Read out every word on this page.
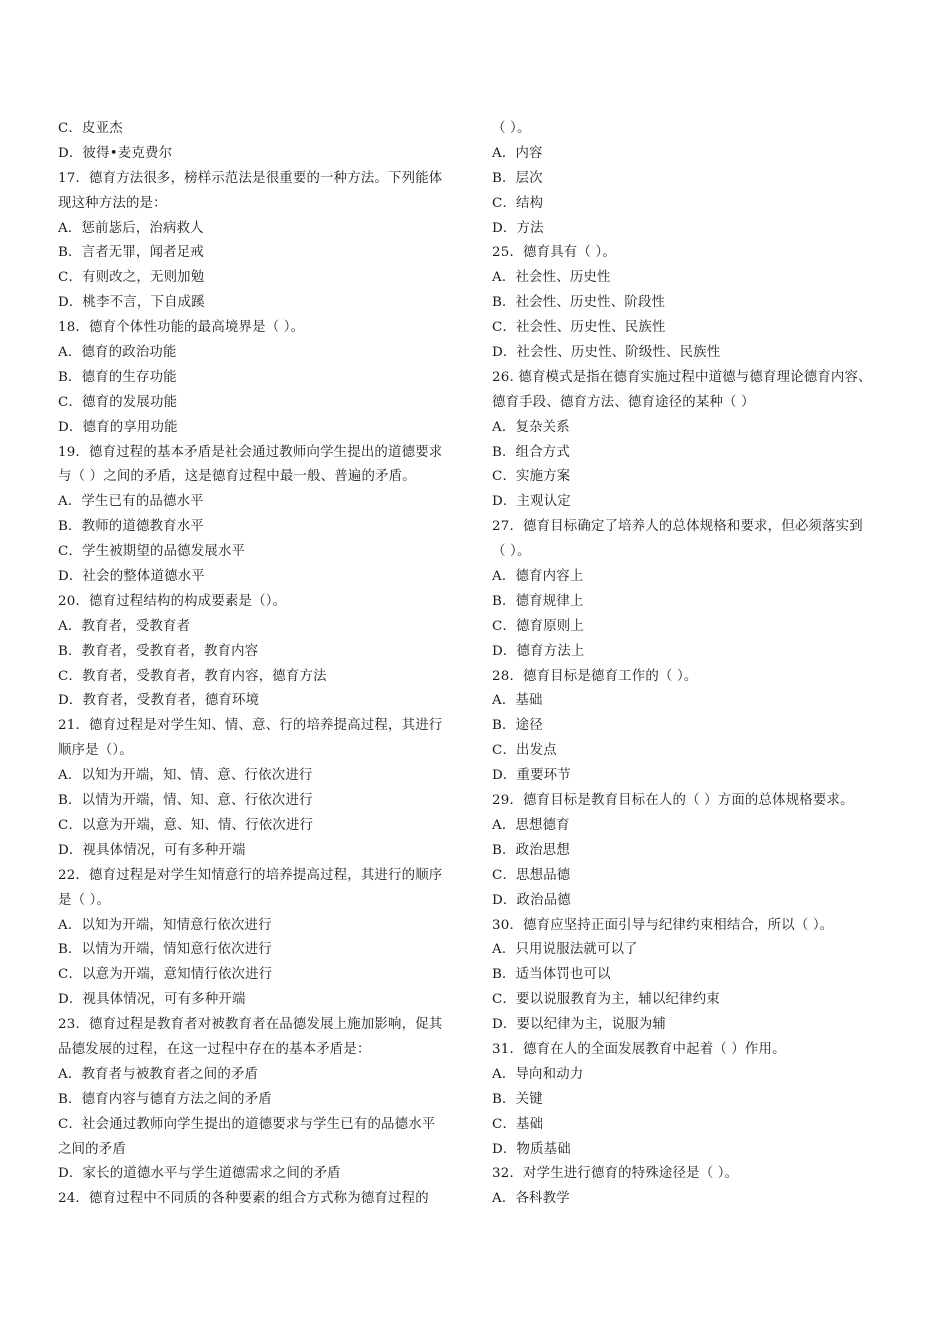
C．皮亚杰
D．彼得•麦克费尔
17．德育方法很多，榜样示范法是很重要的一种方法。下列能体
现这种方法的是：
A．惩前毖后，治病救人
B．言者无罪，闻者足戒
C．有则改之，无则加勉
D．桃李不言，下自成蹊
18．德育个体性功能的最高境界是（ ）。
A．德育的政治功能
B．德育的生存功能
C．德育的发展功能
D．德育的享用功能
19．德育过程的基本矛盾是社会通过教师向学生提出的道德要求
与（ ）之间的矛盾，这是德育过程中最一般、普遍的矛盾。
A．学生已有的品德水平
B．教师的道德教育水平
C．学生被期望的品德发展水平
D．社会的整体道德水平
20．德育过程结构的构成要素是（）。
A．教育者，受教育者
B．教育者，受教育者，教育内容
C．教育者，受教育者，教育内容，德育方法
D．教育者，受教育者，德育环境
21．德育过程是对学生知、情、意、行的培养提高过程，其进行
顺序是（）。
A．以知为开端，知、情、意、行依次进行
B．以情为开端，情、知、意、行依次进行
C．以意为开端，意、知、情、行依次进行
D．视具体情况，可有多种开端
22．德育过程是对学生知情意行的培养提高过程，其进行的顺序
是（ ）。
A．以知为开端，知情意行依次进行
B．以情为开端，情知意行依次进行
C．以意为开端，意知情行依次进行
D．视具体情况，可有多种开端
23．德育过程是教育者对被教育者在品德发展上施加影响，促其
品德发展的过程，在这一过程中存在的基本矛盾是：
A．教育者与被教育者之间的矛盾
B．德育内容与德育方法之间的矛盾
C．社会通过教师向学生提出的道德要求与学生已有的品德水平
之间的矛盾
D．家长的道德水平与学生道德需求之间的矛盾
24．德育过程中不同质的各种要素的组合方式称为德育过程的
（ ）。
A．内容
B．层次
C．结构
D．方法
25．德育具有（ ）。
A．社会性、历史性
B．社会性、历史性、阶段性
C．社会性、历史性、民族性
D．社会性、历史性、阶级性、民族性
26. 德育模式是指在德育实施过程中道德与德育理论德育内容、
德育手段、德育方法、德育途径的某种（ ）
A．复杂关系
B．组合方式
C．实施方案
D．主观认定
27．德育目标确定了培养人的总体规格和要求，但必须落实到
（ ）。
A．德育内容上
B．德育规律上
C．德育原则上
D．德育方法上
28．德育目标是德育工作的（ ）。
A．基础
B．途径
C．出发点
D．重要环节
29．德育目标是教育目标在人的（ ）方面的总体规格要求。
A．思想德育
B．政治思想
C．思想品德
D．政治品德
30．德育应坚持正面引导与纪律约束相结合，所以（ ）。
A．只用说服法就可以了
B．适当体罚也可以
C．要以说服教育为主，辅以纪律约束
D．要以纪律为主，说服为辅
31．德育在人的全面发展教育中起着（ ）作用。
A．导向和动力
B．关键
C．基础
D．物质基础
32．对学生进行德育的特殊途径是（ ）。
A．各科教学
